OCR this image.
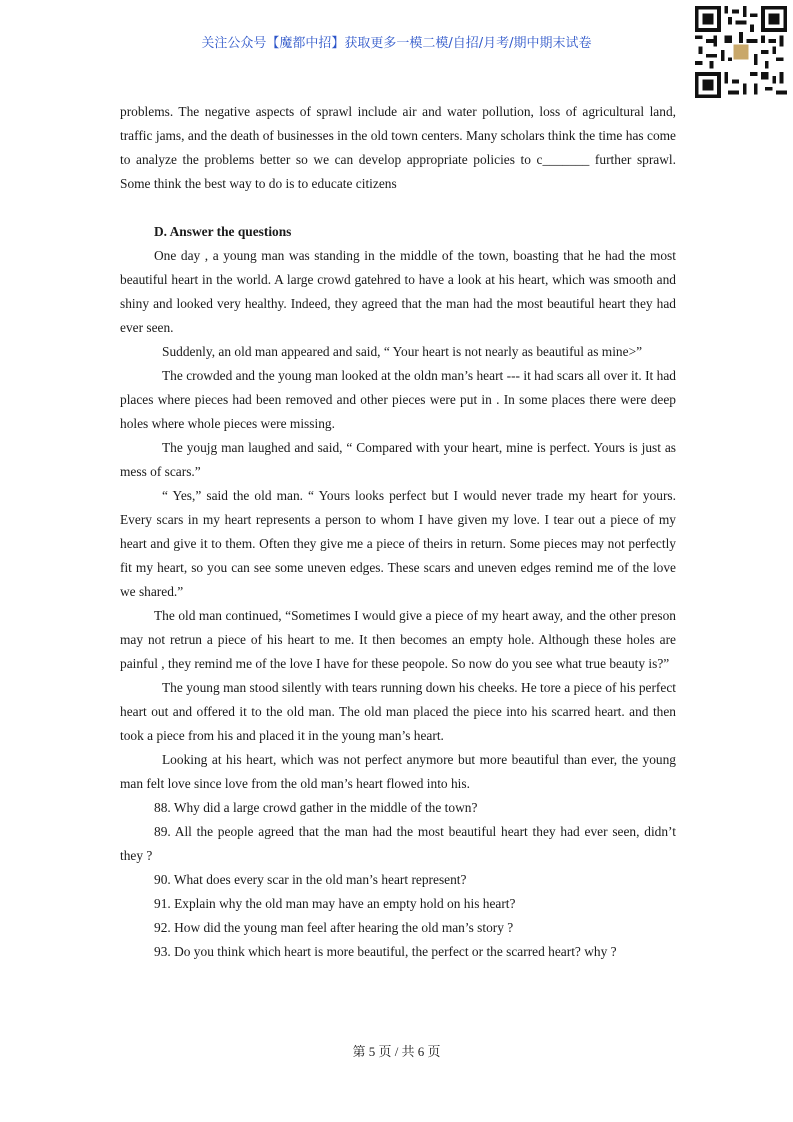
关注公众号【魔都中招】获取更多一模二模/自招/月考/期中期末试卷

problems. The negative aspects of sprawl include air and water pollution, loss of agricultural land, traffic jams, and the death of businesses in the old town centers. Many scholars think the time has come to analyze the problems better so we can develop appropriate policies to c_______ further sprawl. Some think the best way to do is to educate citizens

D. Answer the questions

One day , a young man was standing in the middle of the town, boasting that he had the most beautiful heart in the world. A large crowd gatehred to have a look at his heart, which was smooth and shiny and looked very healthy. Indeed, they agreed that the man had the most beautiful heart they had ever seen.

Suddenly, an old man appeared and said, “ Your heart is not nearly as beautiful as mine>”

The crowded and the young man looked at the oldn man’s heart --- it had scars all over it. It had places where pieces had been removed and other pieces were put in . In some places there were deep holes where whole pieces were missing.

The youjg man laughed and said, “ Compared with your heart, mine is perfect. Yours is just as mess of scars.”

“ Yes,” said the old man. “ Yours looks perfect but I would never trade my heart for yours. Every scars in my heart represents a person to whom I have given my love. I tear out a piece of my heart and give it to them. Often they give me a piece of theirs in return. Some pieces may not perfectly fit my heart, so you can see some uneven edges. These scars and uneven edges remind me of the love we shared.”

The old man continued, “Sometimes I would give a piece of my heart away, and the other preson may not retrun a piece of his heart to me. It then becomes an empty hole. Although these holes are painful , they remind me of the love I have for these peopole. So now do you see what true beauty is?”

The young man stood silently with tears running down his cheeks. He tore a piece of his perfect heart out and offered it to the old man. The old man placed the piece into his scarred heart. and then took a piece from his and placed it in the young man’s heart.

Looking at his heart, which was not perfect anymore but more beautiful than ever, the young man felt love since love from the old man’s heart flowed into his.

88. Why did a large crowd gather in the middle of the town?

89. All the people agreed that the man had the most beautiful heart they had ever seen, didn’t they ?

90. What does every scar in the old man’s heart represent?

91. Explain why the old man may have an empty hold on his heart?

92. How did the young man feel after hearing the old man’s story ?

93. Do you think which heart is more beautiful, the perfect or the scarred heart? why ?

第 5 页 / 共 6 页
